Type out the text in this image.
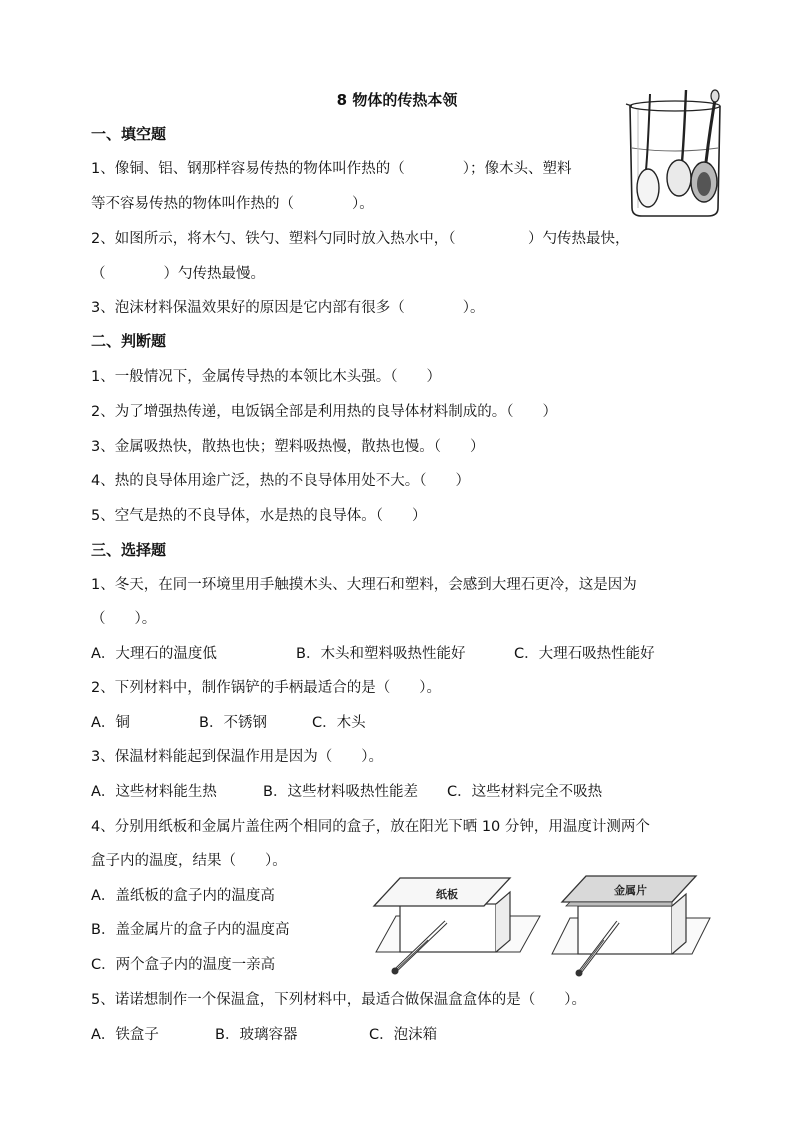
8 物体的传热本领
一、填空题
1、像铜、铝、钢那样容易传热的物体叫作热的（　　　　）；像木头、塑料
等不容易传热的物体叫作热的（　　　　）。
2、如图所示，将木勺、铁勺、塑料勺同时放入热水中，（　　　　　）勺传热最快，
（　　　　）勺传热最慢。
3、泡沫材料保温效果好的原因是它内部有很多（　　　　）。
二、判断题
1、一般情况下，金属传导热的本领比木头强。（　　）
2、为了增强热传递，电饭锅全部是利用热的良导体材料制成的。（　　）
3、金属吸热快，散热也快；塑料吸热慢，散热也慢。（　　）
4、热的良导体用途广泛，热的不良导体用处不大。（　　）
5、空气是热的不良导体，水是热的良导体。（　　）
三、选择题
1、冬天，在同一环境里用手触摸木头、大理石和塑料，会感到大理石更冷，这是因为
（　　）。
A．大理石的温度低	B．木头和塑料吸热性能好	C．大理石吸热性能好
2、下列材料中，制作锅铲的手柄最适合的是（　　）。
A．铜	B．不锈钢	C．木头
3、保温材料能起到保温作用是因为（　　）。
A．这些材料能生热	B．这些材料吸热性能差 C．这些材料完全不吸热
4、分别用纸板和金属片盖住两个相同的盒子，放在阳光下晒 10 分钟，用温度计测两个
盒子内的温度，结果（　　）。
A．盖纸板的盒子内的温度高
B．盖金属片的盒子内的温度高
C．两个盒子内的温度一亲高
5、诺诺想制作一个保温盒，下列材料中，最适合做保温盒盒体的是（　　）。
A．铁盒子	B．玻璃容器	C．泡沫箱
纸板	金属片
